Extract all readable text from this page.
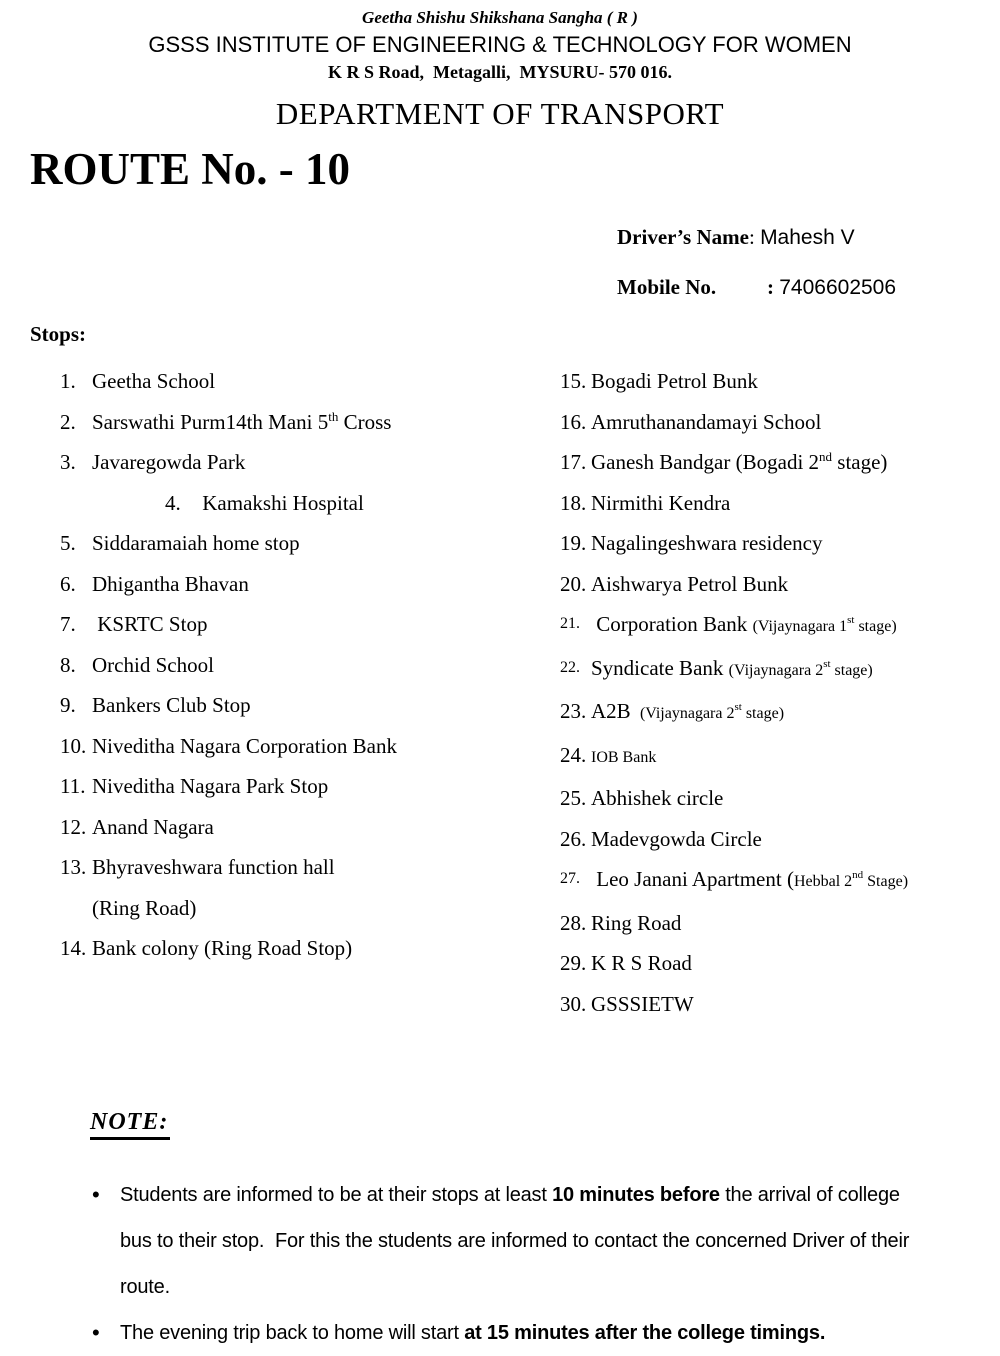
Geetha Shishu Shikshana Sangha ( R )
GSSS INSTITUTE OF ENGINEERING & TECHNOLOGY FOR WOMEN
K R S Road,  Metagalli,  MYSURU- 570 016.
DEPARTMENT OF TRANSPORT
ROUTE No. - 10
Driver’s Name: Mahesh V
Mobile No. : 7406602506
Stops:
1. Geetha School
2. Sarswathi Purm14th Mani 5th Cross
3. Javaregowda Park
4. Kamakshi Hospital
5. Siddaramaiah home stop
6. Dhigantha Bhavan
7. KSRTC Stop
8. Orchid School
9. Bankers Club Stop
10. Niveditha Nagara Corporation Bank
11. Niveditha Nagara Park Stop
12. Anand Nagara
13. Bhyraveshwara function hall
(Ring Road)
14. Bank colony (Ring Road Stop)
15. Bogadi Petrol Bunk
16. Amruthanandamayi School
17. Ganesh Bandgar (Bogadi 2nd stage)
18. Nirmithi Kendra
19. Nagalingeshwara residency
20. Aishwarya Petrol Bunk
21. Corporation Bank (Vijaynagara 1st stage)
22. Syndicate Bank (Vijaynagara 2st stage)
23. A2B  (Vijaynagara 2st stage)
24. IOB Bank
25. Abhishek circle
26. Madevgowda Circle
27. Leo Janani Apartment (Hebbal 2nd Stage)
28. Ring Road
29. K R S Road
30. GSSSIETW
NOTE:
• Students are informed to be at their stops at least 10 minutes before the arrival of college bus to their stop.  For this the students are informed to contact the concerned Driver of their route.
• The evening trip back to home will start at 15 minutes after the college timings.
